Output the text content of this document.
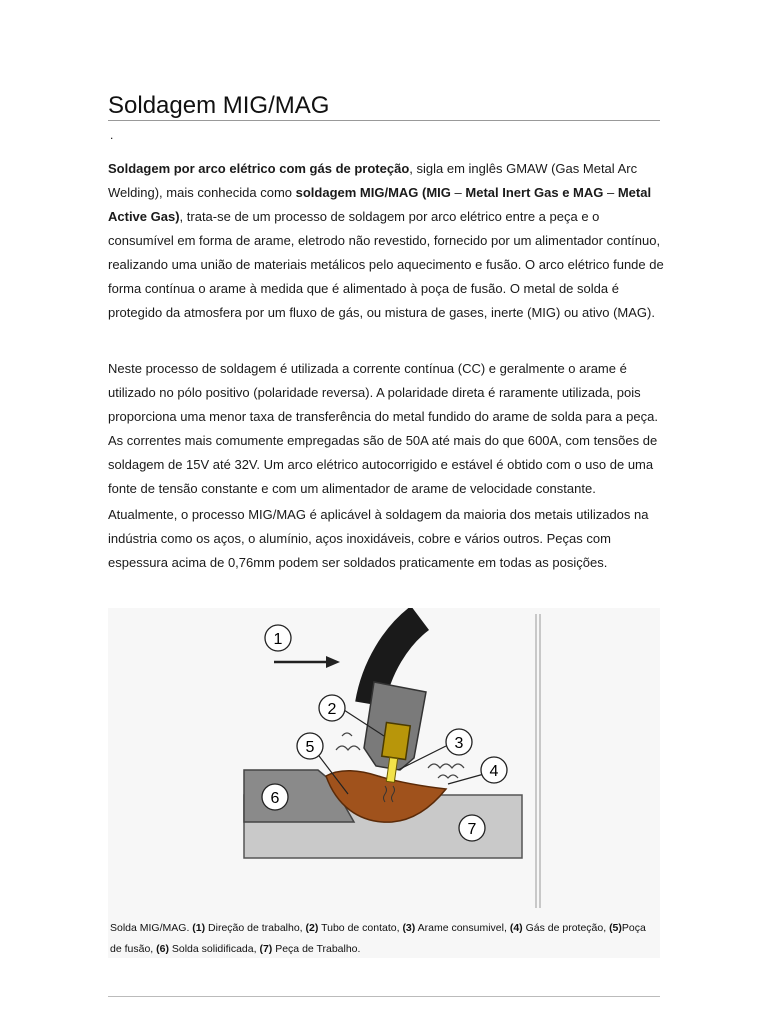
Soldagem MIG/MAG
.

Soldagem por arco elétrico com gás de proteção, sigla em inglês GMAW (Gas Metal Arc Welding), mais conhecida como soldagem MIG/MAG (MIG – Metal Inert Gas e MAG – Metal Active Gas), trata-se de um processo de soldagem por arco elétrico entre a peça e o consumível em forma de arame, eletrodo não revestido, fornecido por um alimentador contínuo, realizando uma união de materiais metálicos pelo aquecimento e fusão. O arco elétrico funde de forma contínua o arame à medida que é alimentado à poça de fusão. O metal de solda é protegido da atmosfera por um fluxo de gás, ou mistura de gases, inerte (MIG) ou ativo (MAG).

Neste processo de soldagem é utilizada a corrente contínua (CC) e geralmente o arame é utilizado no pólo positivo (polaridade reversa). A polaridade direta é raramente utilizada, pois proporciona uma menor taxa de transferência do metal fundido do arame de solda para a peça. As correntes mais comumente empregadas são de 50A até mais do que 600A, com tensões de soldagem de 15V até 32V. Um arco elétrico autocorrigido e estável é obtido com o uso de uma fonte de tensão constante e com um alimentador de arame de velocidade constante.

Atualmente, o processo MIG/MAG é aplicável à soldagem da maioria dos metais utilizados na indústria como os aços, o alumínio, aços inoxidáveis, cobre e vários outros. Peças com espessura acima de 0,76mm podem ser soldados praticamente em todas as posições.

1
2
3
4
5
6
7

Solda MIG/MAG. (1) Direção de trabalho, (2) Tubo de contato, (3) Arame consumivel, (4) Gás de proteção, (5)Poça de fusão, (6) Solda solidificada, (7) Peça de Trabalho.
